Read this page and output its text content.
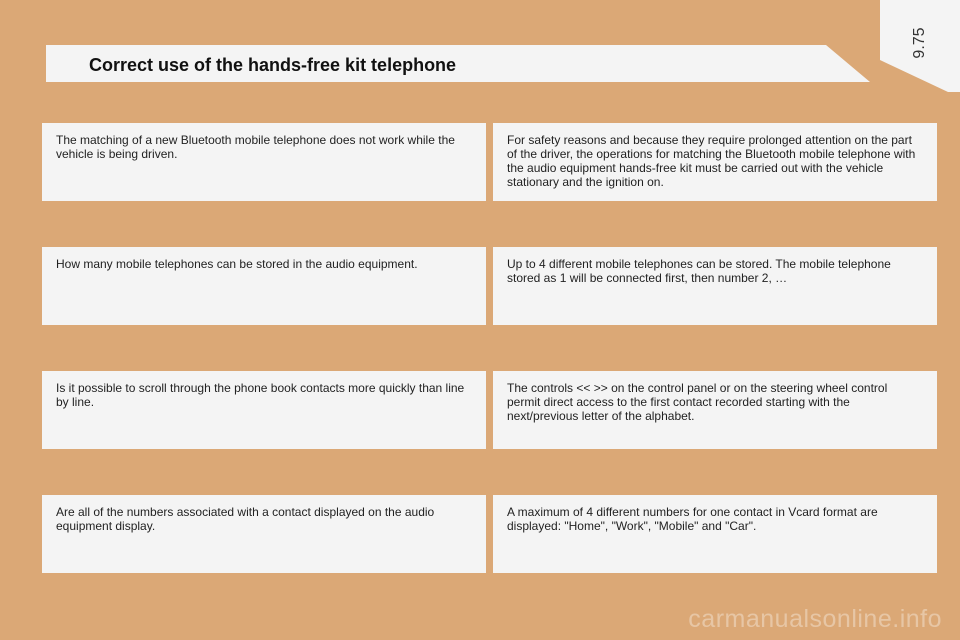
Correct use of the hands-free kit telephone
9.75
The matching of a new Bluetooth mobile telephone does not work while the vehicle is being driven.
For safety reasons and because they require prolonged attention on the part of the driver, the operations for matching the Bluetooth mobile telephone with the audio equipment hands-free kit must be carried out with the vehicle stationary and the ignition on.
How many mobile telephones can be stored in the audio equipment.	Up to 4 different mobile telephones can be stored. The mobile telephone stored as 1 will be connected first, then number 2, …
Is it possible to scroll through the phone book contacts more quickly than line by line.
The controls << >> on the control panel or on the steering wheel control permit direct access to the first contact recorded starting with the next/previous letter of the alphabet.
Are all of the numbers associated with a contact displayed on the audio equipment display.
A maximum of 4 different numbers for one contact in Vcard format are displayed: "Home", "Work", "Mobile" and "Car".
carmanualsonline.info
